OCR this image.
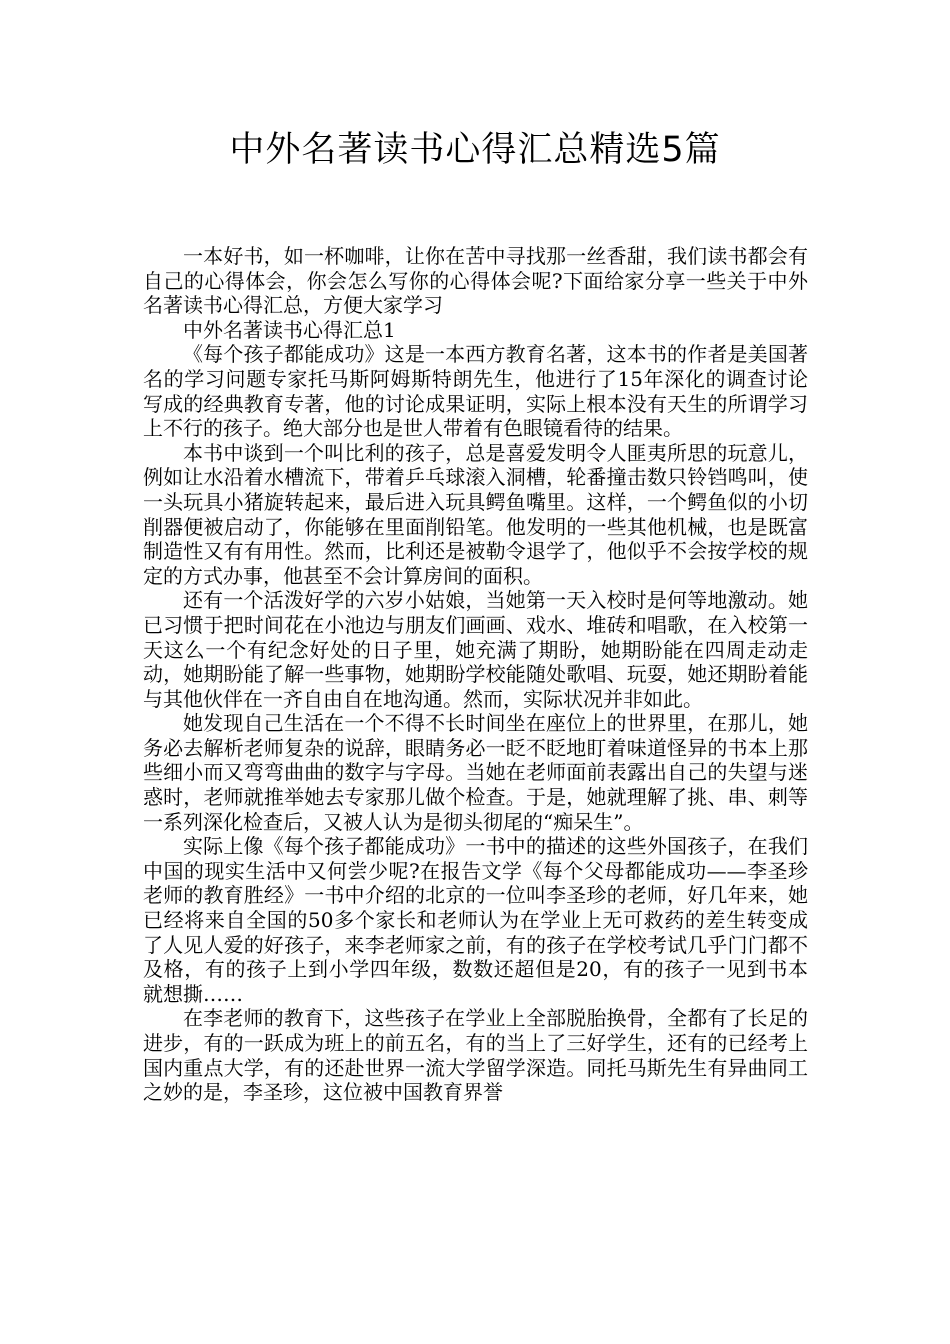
中外名著读书心得汇总精选5篇

一本好书，如一杯咖啡，让你在苦中寻找那一丝香甜，我们读书都会有自己的心得体会，你会怎么写你的心得体会呢?下面给家分享一些关于中外名著读书心得汇总，方便大家学习

中外名著读书心得汇总1

《每个孩子都能成功》这是一本西方教育名著，这本书的作者是美国著名的学习问题专家托马斯阿姆斯特朗先生，他进行了15年深化的调查讨论写成的经典教育专著，他的讨论成果证明，实际上根本没有天生的所谓学习上不行的孩子。绝大部分也是世人带着有色眼镜看待的结果。

本书中谈到一个叫比利的孩子，总是喜爱发明令人匪夷所思的玩意儿，例如让水沿着水槽流下，带着乒乓球滚入洞槽，轮番撞击数只铃铛鸣叫，使一头玩具小猪旋转起来，最后进入玩具鳄鱼嘴里。这样，一个鳄鱼似的小切削器便被启动了，你能够在里面削铅笔。他发明的一些其他机械，也是既富制造性又有有用性。然而，比利还是被勒令退学了，他似乎不会按学校的规定的方式办事，他甚至不会计算房间的面积。

还有一个活泼好学的六岁小姑娘，当她第一天入校时是何等地激动。她已习惯于把时间花在小池边与朋友们画画、戏水、堆砖和唱歌，在入校第一天这么一个有纪念好处的日子里，她充满了期盼，她期盼能在四周走动走动，她期盼能了解一些事物，她期盼学校能随处歌唱、玩耍，她还期盼着能与其他伙伴在一齐自由自在地沟通。然而，实际状况并非如此。

她发现自己生活在一个不得不长时间坐在座位上的世界里，在那儿，她务必去解析老师复杂的说辞，眼睛务必一眨不眨地盯着味道怪异的书本上那些细小而又弯弯曲曲的数字与字母。当她在老师面前表露出自己的失望与迷惑时，老师就推举她去专家那儿做个检查。于是，她就理解了挑、串、刺等一系列深化检查后，又被人认为是彻头彻尾的“痴呆生”。

实际上像《每个孩子都能成功》一书中的描述的这些外国孩子，在我们中国的现实生活中又何尝少呢?在报告文学《每个父母都能成功——李圣珍老师的教育胜经》一书中介绍的北京的一位叫李圣珍的老师，好几年来，她已经将来自全国的50多个家长和老师认为在学业上无可救药的差生转变成了人见人爱的好孩子，来李老师家之前，有的孩子在学校考试几乎门门都不及格，有的孩子上到小学四年级，数数还超但是20，有的孩子一见到书本就想撕……

在李老师的教育下，这些孩子在学业上全部脱胎换骨，全都有了长足的进步，有的一跃成为班上的前五名，有的当上了三好学生，还有的已经考上国内重点大学，有的还赴世界一流大学留学深造。同托马斯先生有异曲同工之妙的是，李圣珍，这位被中国教育界誉
